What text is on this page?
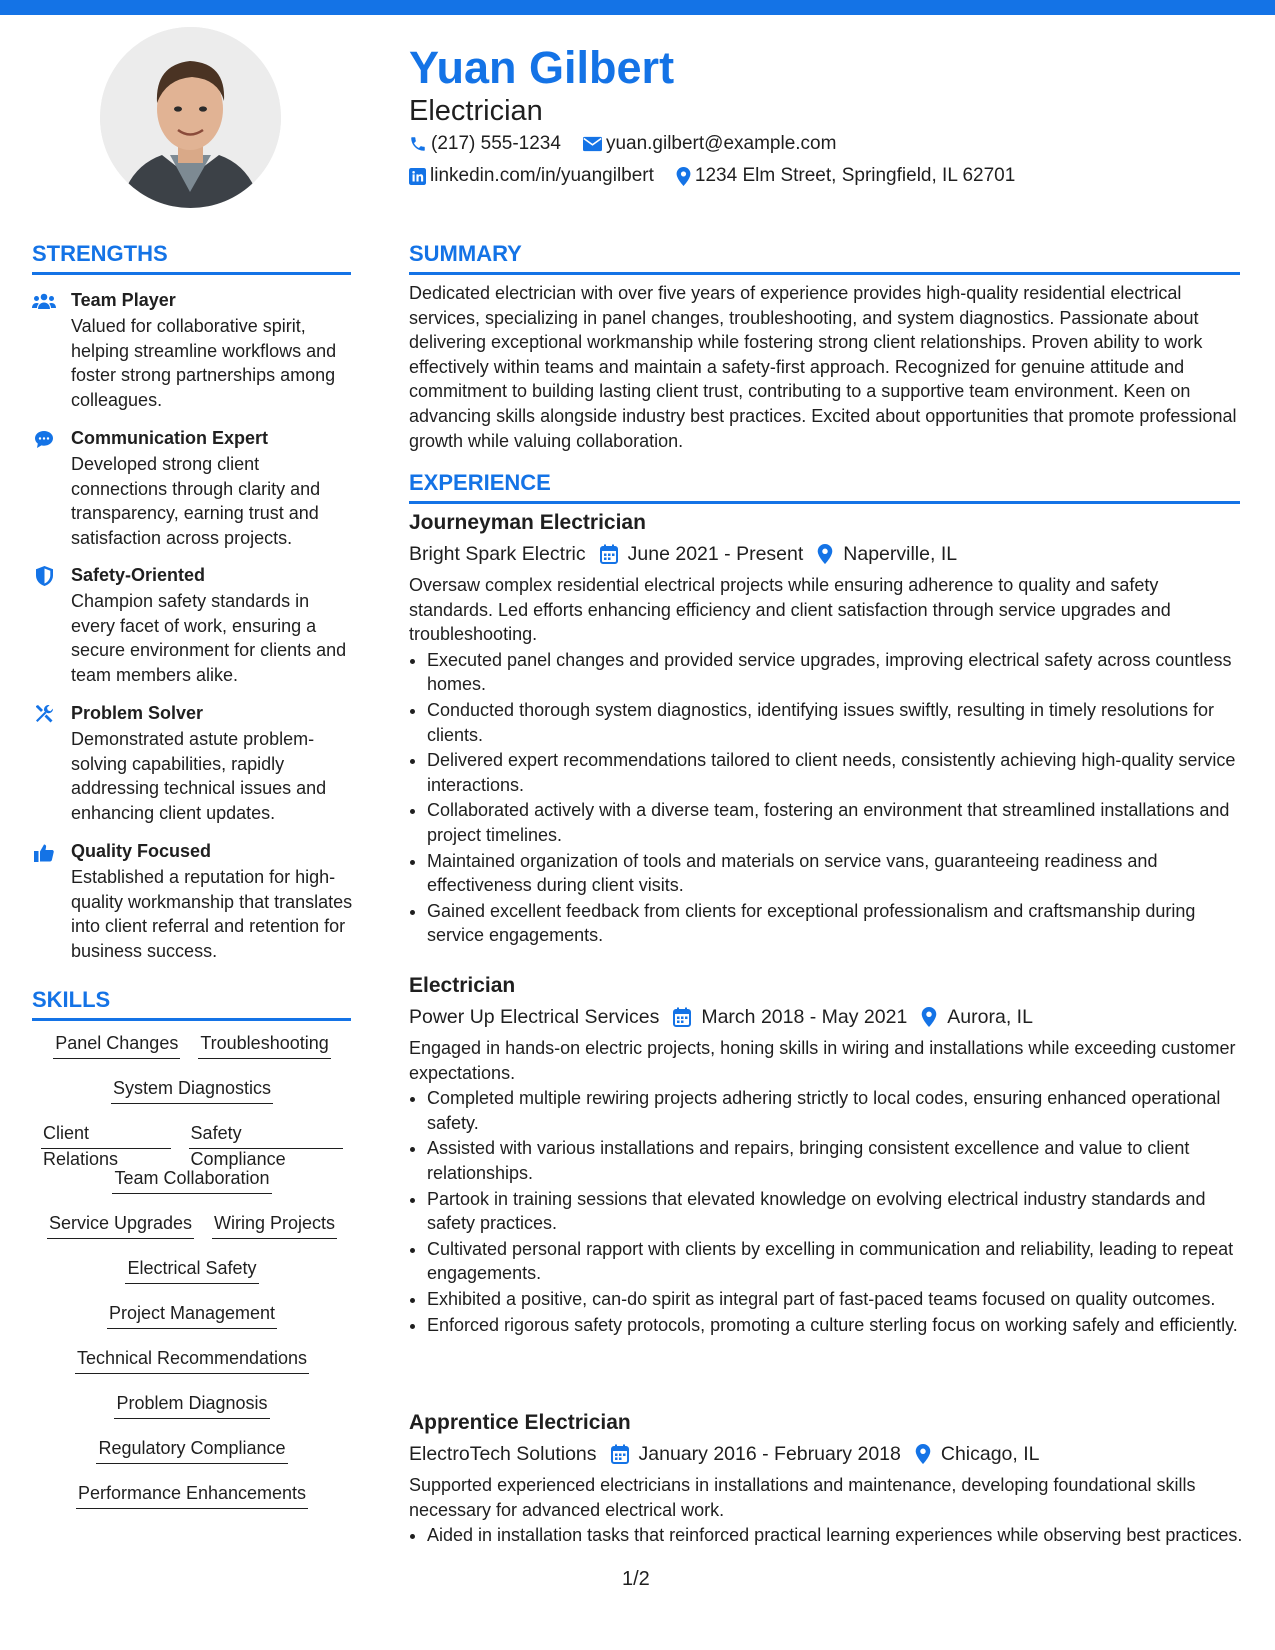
Yuan Gilbert
Electrician
(217) 555-1234 yuan.gilbert@example.com
linkedin.com/in/yuangilbert 1234 Elm Street, Springfield, IL 62701
STRENGTHS
Team Player
Valued for collaborative spirit, helping streamline workflows and foster strong partnerships among colleagues.
Communication Expert
Developed strong client connections through clarity and transparency, earning trust and satisfaction across projects.
Safety-Oriented
Champion safety standards in every facet of work, ensuring a secure environment for clients and team members alike.
Problem Solver
Demonstrated astute problem-solving capabilities, rapidly addressing technical issues and enhancing client updates.
Quality Focused
Established a reputation for high-quality workmanship that translates into client referral and retention for business success.
SKILLS
Panel Changes Troubleshooting
System Diagnostics
Client Relations
Safety Compliance
Team Collaboration
Service Upgrades Wiring Projects
Electrical Safety
Project Management
Technical Recommendations
Problem Diagnosis
Regulatory Compliance
Performance Enhancements
SUMMARY
Dedicated electrician with over five years of experience provides high-quality residential electrical services, specializing in panel changes, troubleshooting, and system diagnostics. Passionate about delivering exceptional workmanship while fostering strong client relationships. Proven ability to work effectively within teams and maintain a safety-first approach. Recognized for genuine attitude and commitment to building lasting client trust, contributing to a supportive team environment. Keen on advancing skills alongside industry best practices. Excited about opportunities that promote professional growth while valuing collaboration.
EXPERIENCE
Journeyman Electrician
Bright Spark Electric June 2021 - Present Naperville, IL
Oversaw complex residential electrical projects while ensuring adherence to quality and safety standards. Led efforts enhancing efficiency and client satisfaction through service upgrades and troubleshooting.
• Executed panel changes and provided service upgrades, improving electrical safety across countless homes.
• Conducted thorough system diagnostics, identifying issues swiftly, resulting in timely resolutions for clients.
• Delivered expert recommendations tailored to client needs, consistently achieving high-quality service interactions.
• Collaborated actively with a diverse team, fostering an environment that streamlined installations and project timelines.
• Maintained organization of tools and materials on service vans, guaranteeing readiness and effectiveness during client visits.
• Gained excellent feedback from clients for exceptional professionalism and craftsmanship during service engagements.
Electrician
Power Up Electrical Services March 2018 - May 2021 Aurora, IL
Engaged in hands-on electric projects, honing skills in wiring and installations while exceeding customer expectations.
• Completed multiple rewiring projects adhering strictly to local codes, ensuring enhanced operational safety.
• Assisted with various installations and repairs, bringing consistent excellence and value to client relationships.
• Partook in training sessions that elevated knowledge on evolving electrical industry standards and safety practices.
• Cultivated personal rapport with clients by excelling in communication and reliability, leading to repeat engagements.
• Exhibited a positive, can-do spirit as integral part of fast-paced teams focused on quality outcomes.
• Enforced rigorous safety protocols, promoting a culture sterling focus on working safely and efficiently.
Apprentice Electrician
ElectroTech Solutions January 2016 - February 2018 Chicago, IL
Supported experienced electricians in installations and maintenance, developing foundational skills necessary for advanced electrical work.
• Aided in installation tasks that reinforced practical learning experiences while observing best practices.
1/2
